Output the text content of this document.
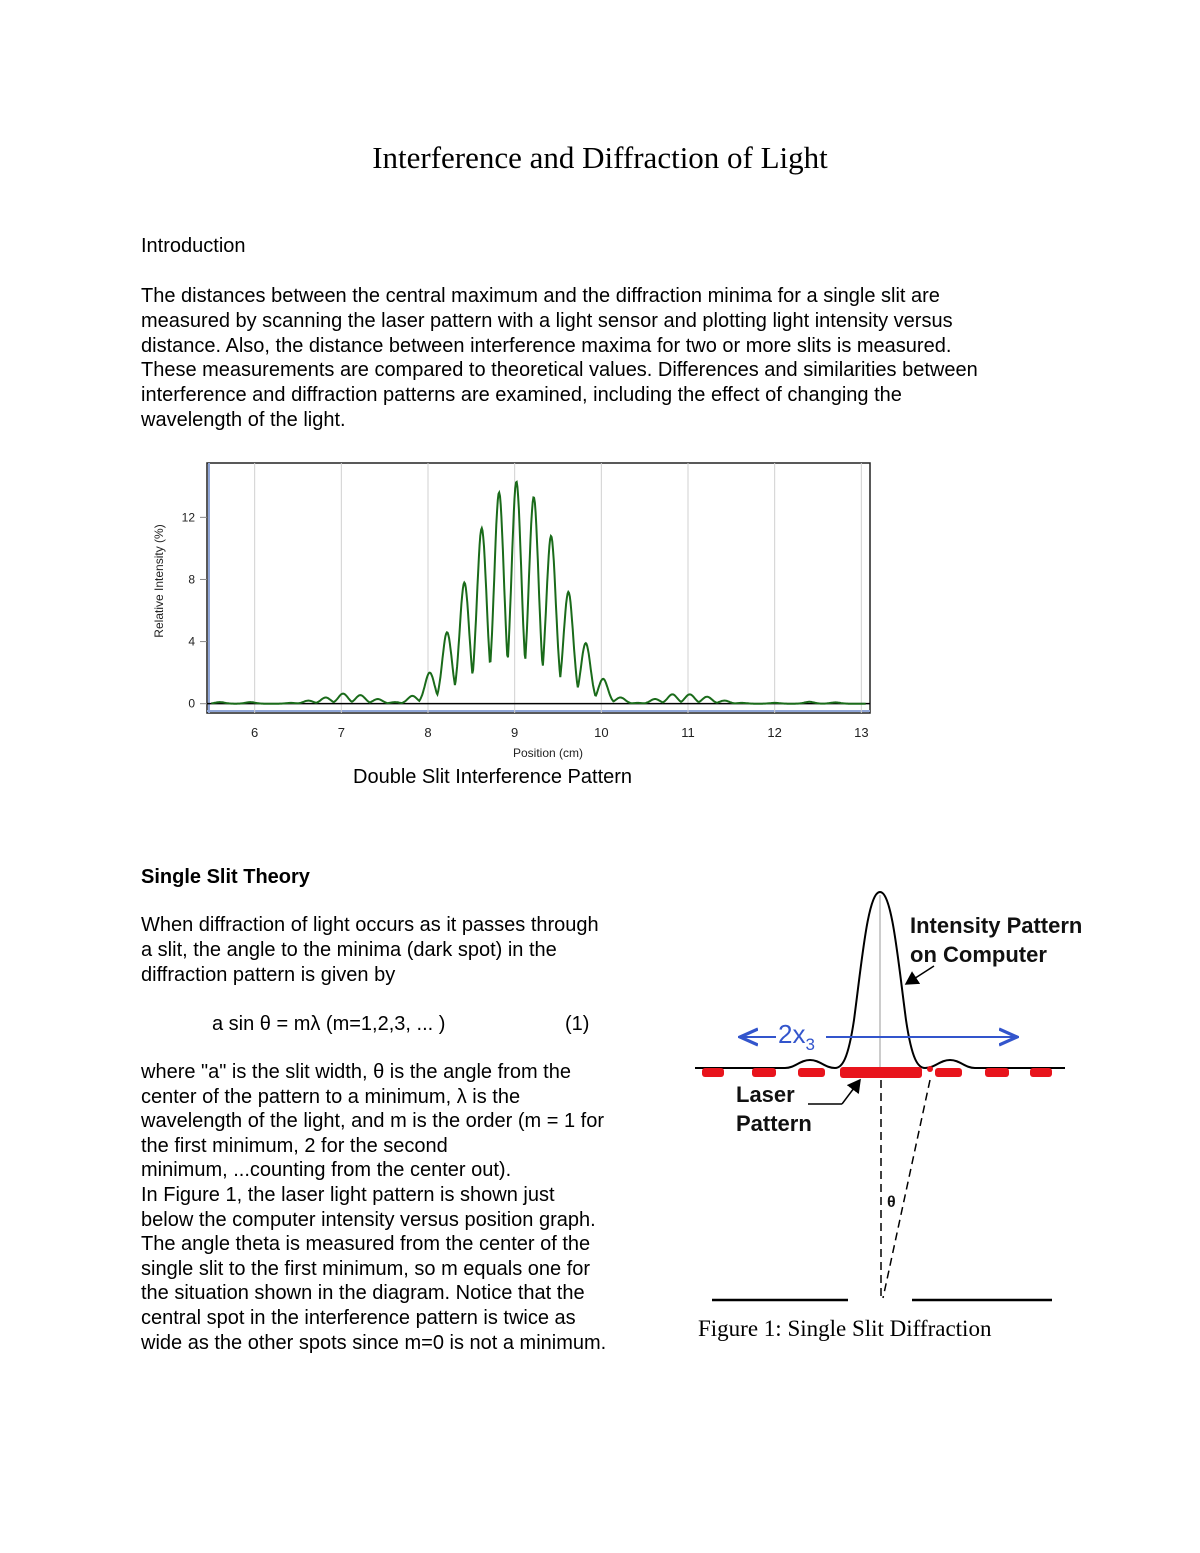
Interference and Diffraction of Light
Introduction

The distances between the central maximum and the diffraction minima for a single slit are

measured by scanning the laser pattern with a light sensor and plotting light intensity versus

distance. Also, the distance between interference maxima for two or more slits is measured.

These measurements are compared to theoretical values. Differences and similarities between

interference and diffraction patterns are examined, including the effect of changing the

wavelength of the light.

6	7	8	9	10	11	12	13
0
4
8
12
Position (cm)
Relative Intensity (%)
Double Slit Interference Pattern
Single Slit Theory

When diffraction of light occurs as it passes through

a slit, the angle to the minima (dark spot) in the

diffraction pattern is given by

a sin θ = mλ (m=1,2,3, ... )	(1)

where "a" is the slit width, θ is the angle from the

center of the pattern to a minimum, λ is the

wavelength of the light, and m is the order (m = 1 for

the first minimum, 2 for the second

minimum, ...counting from the center out).

In Figure 1, the laser light pattern is shown just

below the computer intensity versus position graph.

The angle theta is measured from the center of the

single slit to the first minimum, so m equals one for

the situation shown in the diagram. Notice that the

central spot in the interference pattern is twice as

wide as the other spots since m=0 is not a minimum.

$2x_3$
Intensity Pattern
on Computer
Laser
Pattern
θ
Figure 1: Single Slit Diffraction
